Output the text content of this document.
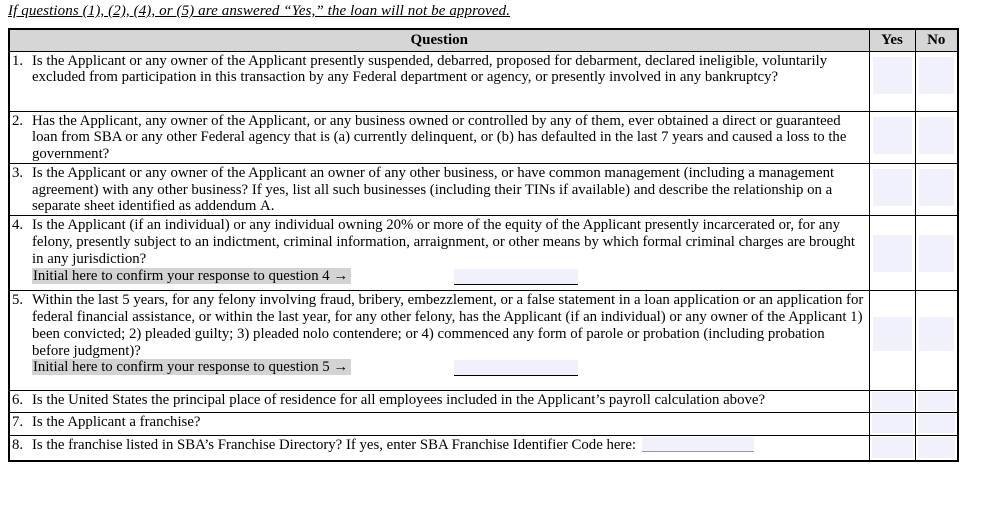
If questions (1), (2), (4), or (5) are answered “Yes,” the loan will not be approved.
Question	Yes	No

1. Is the Applicant or any owner of the Applicant presently suspended, debarred, proposed for debarment, declared ineligible, voluntarily excluded from participation in this transaction by any Federal department or agency, or presently involved in any bankruptcy?		

2. Has the Applicant, any owner of the Applicant, or any business owned or controlled by any of them, ever obtained a direct or guaranteed loan from SBA or any other Federal agency that is (a) currently delinquent, or (b) has defaulted in the last 7 years and caused a loss to the government?		

3. Is the Applicant or any owner of the Applicant an owner of any other business, or have common management (including a management agreement) with any other business? If yes, list all such businesses (including their TINs if available) and describe the relationship on a separate sheet identified as addendum A.		

4. Is the Applicant (if an individual) or any individual owning 20% or more of the equity of the Applicant presently incarcerated or, for any felony, presently subject to an indictment, criminal information, arraignment, or other means by which formal criminal charges are brought in any jurisdiction?

Initial here to confirm your response to question 4 →		

5. Within the last 5 years, for any felony involving fraud, bribery, embezzlement, or a false statement in a loan application or an application for federal financial assistance, or within the last year, for any other felony, has the Applicant (if an individual) or any owner of the Applicant 1) been convicted; 2) pleaded guilty; 3) pleaded nolo contendere; or 4) commenced any form of parole or probation (including probation before judgment)?

Initial here to confirm your response to question 5 →		

6. Is the United States the principal place of residence for all employees included in the Applicant’s payroll calculation above?		

7. Is the Applicant a franchise?		

8. Is the franchise listed in SBA’s Franchise Directory? If yes, enter SBA Franchise Identifier Code here:		
